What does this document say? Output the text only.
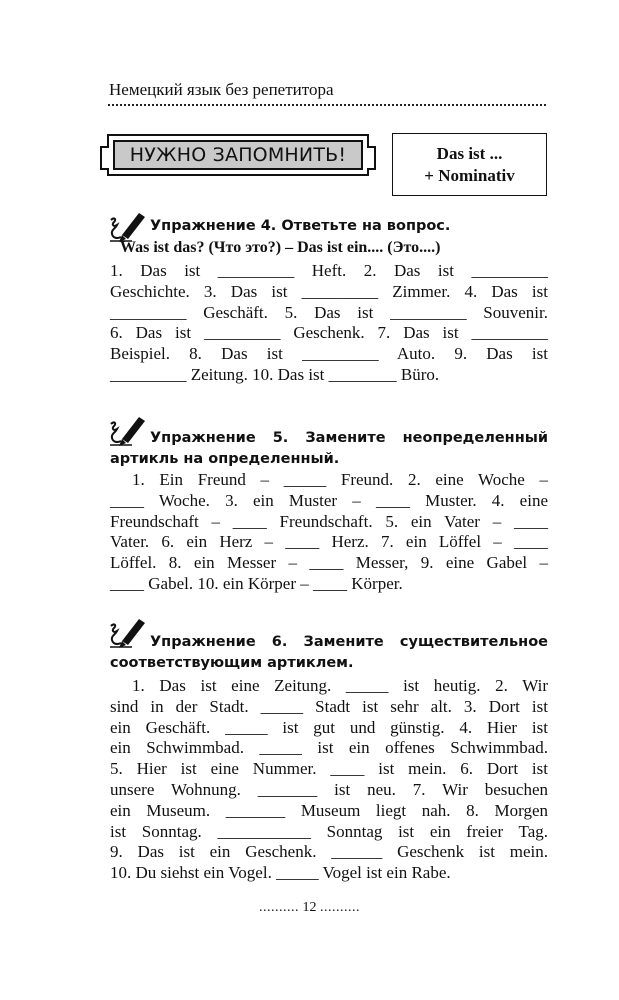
Немецкий язык без репетитора
НУЖНО ЗАПОМНИТЬ!	Das ist ...
+ Nominativ
Упражнение 4. Ответьте на вопрос.
Was ist das? (Что это?) – Das ist ein.... (Это....)
1. Das ist _________ Heft. 2. Das ist _________
Geschichte. 3. Das ist _________ Zimmer. 4. Das ist
_________ Geschäft. 5. Das ist _________ Souvenir.
6. Das ist _________ Geschenk. 7. Das ist _________
Beispiel. 8. Das ist _________ Auto. 9. Das ist
_________ Zeitung. 10. Das ist ________ Büro.
Упражнение 5. Замените неопределенный
артикль на определенный.
1. Ein Freund – _____ Freund. 2. eine Woche –
____ Woche. 3. ein Muster – ____ Muster. 4. eine
Freundschaft – ____ Freundschaft. 5. ein Vater – ____
Vater. 6. ein Herz – ____ Herz. 7. ein Löffel – ____
Löffel. 8. ein Messer – ____ Messer, 9. eine Gabel –
____ Gabel. 10. ein Körper – ____ Körper.
Упражнение 6. Замените существительное
соответствующим артиклем.
1. Das ist eine Zeitung. _____ ist heutig. 2. Wir
sind in der Stadt. _____ Stadt ist sehr alt. 3. Dort ist
ein Geschäft. _____ ist gut und günstig. 4. Hier ist
ein Schwimmbad. _____ ist ein offenes Schwimmbad.
5. Hier ist eine Nummer. ____ ist mein. 6. Dort ist
unsere Wohnung. _______ ist neu. 7. Wir besuchen
ein Museum. _______ Museum liegt nah. 8. Morgen
ist Sonntag. ___________ Sonntag ist ein freier Tag.
9. Das ist ein Geschenk. ______ Geschenk ist mein.
10. Du siehst ein Vogel. _____ Vogel ist ein Rabe.
.......... 12 ..........
